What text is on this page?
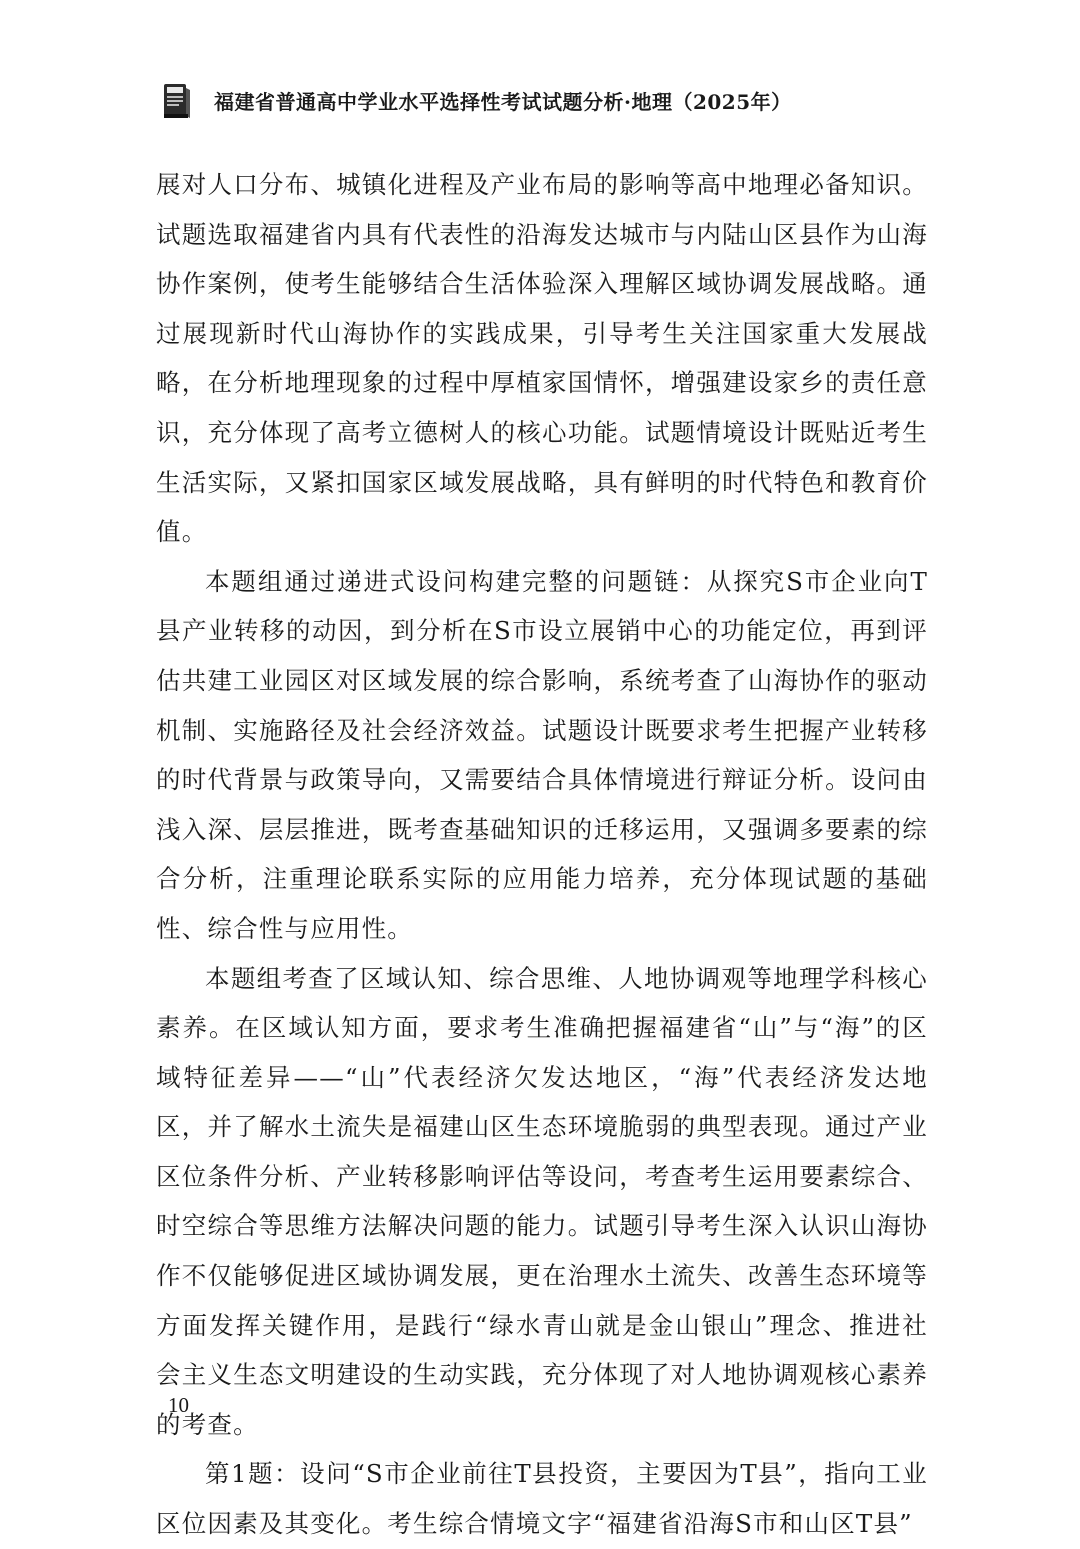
福建省普通高中学业水平选择性考试试题分析·地理（2025年）

展对人口分布、城镇化进程及产业布局的影响等高中地理必备知识。试题选取福建省内具有代表性的沿海发达城市与内陆山区县作为山海协作案例，使考生能够结合生活体验深入理解区域协调发展战略。通过展现新时代山海协作的实践成果，引导考生关注国家重大发展战略，在分析地理现象的过程中厚植家国情怀，增强建设家乡的责任意识，充分体现了高考立德树人的核心功能。试题情境设计既贴近考生生活实际，又紧扣国家区域发展战略，具有鲜明的时代特色和教育价值。

本题组通过递进式设问构建完整的问题链：从探究S市企业向T县产业转移的动因，到分析在S市设立展销中心的功能定位，再到评估共建工业园区对区域发展的综合影响，系统考查了山海协作的驱动机制、实施路径及社会经济效益。试题设计既要求考生把握产业转移的时代背景与政策导向，又需要结合具体情境进行辩证分析。设问由浅入深、层层推进，既考查基础知识的迁移运用，又强调多要素的综合分析，注重理论联系实际的应用能力培养，充分体现试题的基础性、综合性与应用性。

本题组考查了区域认知、综合思维、人地协调观等地理学科核心素养。在区域认知方面，要求考生准确把握福建省“山”与“海”的区域特征差异——“山”代表经济欠发达地区，“海”代表经济发达地区，并了解水土流失是福建山区生态环境脆弱的典型表现。通过产业区位条件分析、产业转移影响评估等设问，考查考生运用要素综合、时空综合等思维方法解决问题的能力。试题引导考生深入认识山海协作不仅能够促进区域协调发展，更在治理水土流失、改善生态环境等方面发挥关键作用，是践行“绿水青山就是金山银山”理念、推进社会主义生态文明建设的生动实践，充分体现了对人地协调观核心素养的考查。

第1题：设问“S市企业前往T县投资，主要因为T县”，指向工业区位因素及其变化。考生综合情境文字“福建省沿海S市和山区T县”

10
